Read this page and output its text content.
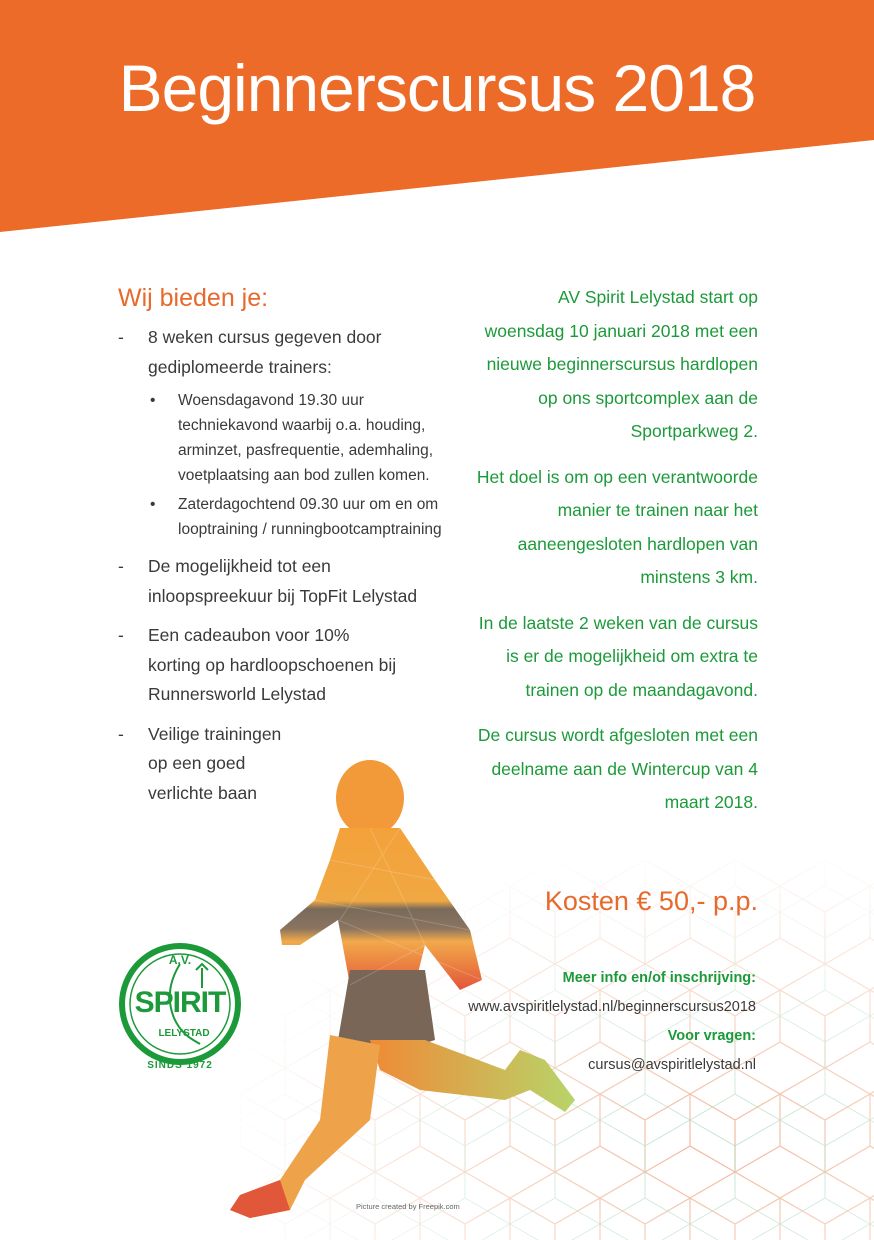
Beginnerscursus 2018
Wij bieden je:
- 8 weken cursus gegeven door gediplomeerde trainers:
• Woensdagavond 19.30 uur techniekavond waarbij o.a. houding, arminzet, pasfrequentie, ademhaling, voetplaatsing aan bod zullen komen.
• Zaterdagochtend 09.30 uur om en om looptraining / runningbootcamptraining
- De mogelijkheid tot een inloopspreekuur bij TopFit Lelystad
- Een cadeaubon voor 10% korting op hardloopschoenen bij Runnersworld Lelystad
- Veilige trainingen op een goed verlichte baan

AV Spirit Lelystad start op woensdag 10 januari 2018 met een nieuwe beginnerscursus hardlopen op ons sportcomplex aan de Sportparkweg 2.

Het doel is om op een verantwoorde manier te trainen naar het aaneengesloten hardlopen van minstens 3 km.

In de laatste 2 weken van de cursus is er de mogelijkheid om extra te trainen op de maandagavond.

De cursus wordt afgesloten met een deelname aan de Wintercup van 4 maart 2018.

Kosten € 50,- p.p.
Meer info en/of inschrijving:
www.avspiritlelystad.nl/beginnerscursus2018
Voor vragen:
cursus@avspiritlelystad.nl
A.V.
SPIRIT
LELYSTAD
SINDS 1972
Picture created by Freepik.com
